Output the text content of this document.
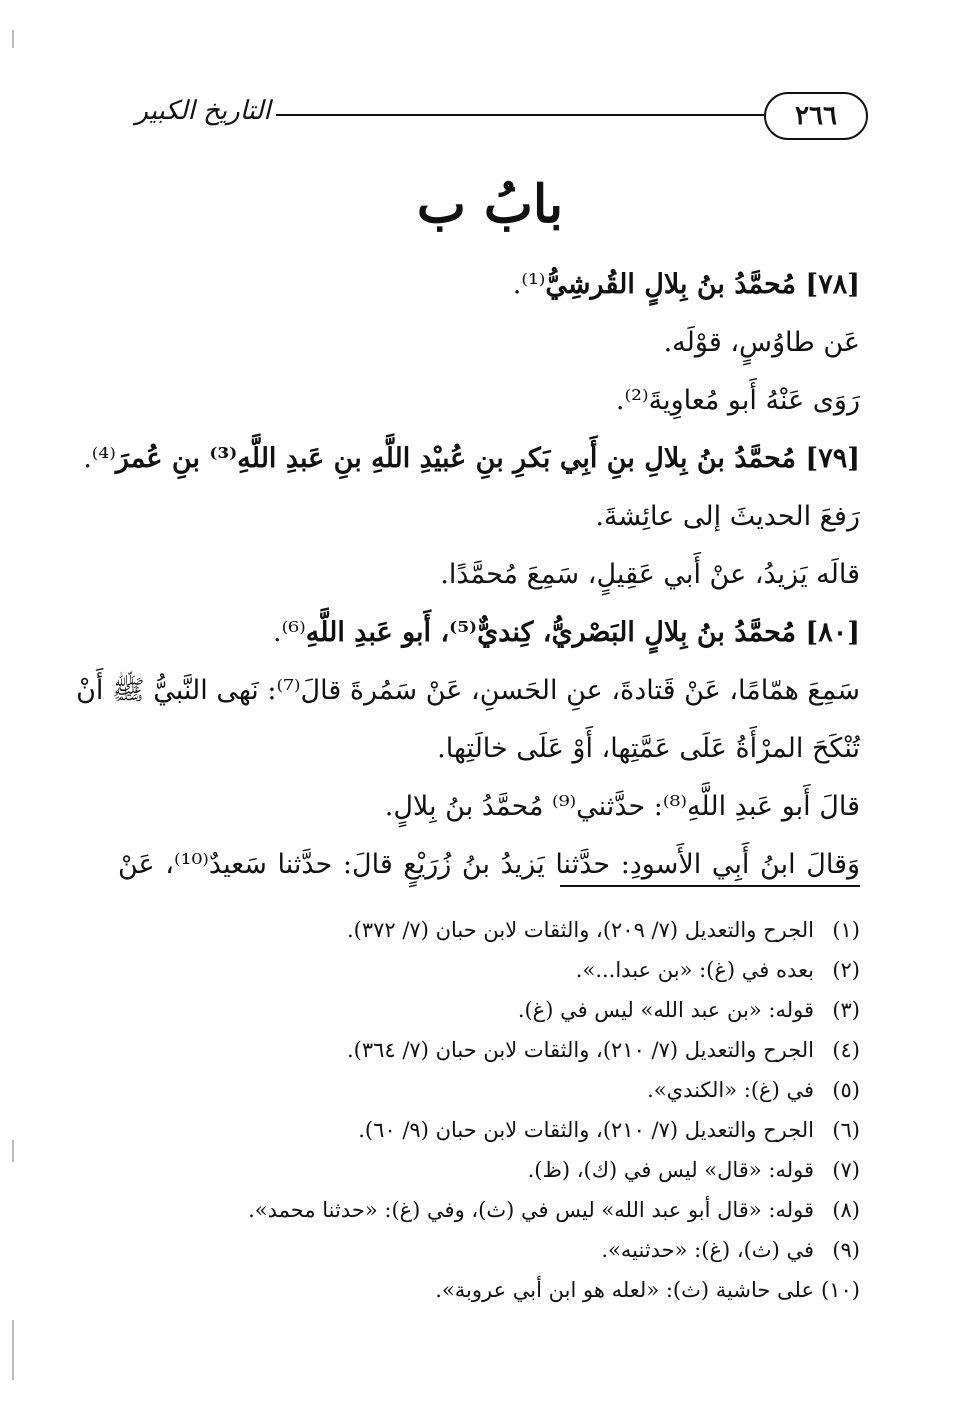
٢٦٦
التاريخ الكبير
بابُ ب
[٧٨] مُحمَّدُ بنُ بِلالٍ القُرشِيُّ⁽¹⁾.
عَن طاوُسٍ، قوْلَه.
رَوَى عَنْهُ أَبو مُعاوِيةَ⁽²⁾.
[٧٩] مُحمَّدُ بنُ بِلالِ بنِ أَبِي بَكرِ بنِ عُبيْدِ اللَّهِ بنِ عَبدِ اللَّهِ⁽³⁾ بنِ عُمرَ⁽⁴⁾.
رَفعَ الحديثَ إلى عائِشةَ.
قالَه يَزيدُ، عنْ أَبي عَقِيلٍ، سَمِعَ مُحمَّدًا.
[٨٠] مُحمَّدُ بنُ بِلالٍ البَصْريُّ، كِنديٌّ⁽⁵⁾، أَبو عَبدِ اللَّهِ⁽⁶⁾.
سَمِعَ همّامًا، عَنْ قَتادةَ، عنِ الحَسنِ، عَنْ سَمُرةَ قالَ⁽⁷⁾: نَهى النَّبيُّ ﷺ أَنْ
تُنْكَحَ المرْأَةُ عَلَى عَمَّتِها، أَوْ عَلَى خالَتِها.
قالَ أَبو عَبدِ اللَّهِ⁽⁸⁾: حدَّثني⁽⁹⁾ مُحمَّدُ بنُ بِلالٍ.
وَقالَ ابنُ أَبِي الأَسودِ: حدَّثنا يَزيدُ بنُ زُرَيْعٍ قالَ: حدَّثنا سَعيدٌ⁽¹⁰⁾، عَنْ
(١)الجرح والتعديل (٧/ ٢٠٩)، والثقات لابن حبان (٧/ ٣٧٢).
(٢)بعده في (غ): «بن عبدا...».
(٣)قوله: «بن عبد الله» ليس في (غ).
(٤)الجرح والتعديل (٧/ ٢١٠)، والثقات لابن حبان (٧/ ٣٦٤).
(٥)في (غ): «الكندي».
(٦)الجرح والتعديل (٧/ ٢١٠)، والثقات لابن حبان (٩/ ٦٠).
(٧)قوله: «قال» ليس في (ك)، (ظ).
(٨)قوله: «قال أبو عبد الله» ليس في (ث)، وفي (غ): «حدثنا محمد».
(٩)في (ث)، (غ): «حدثنيه».
(١٠)على حاشية (ث): «لعله هو ابن أبي عروبة».
